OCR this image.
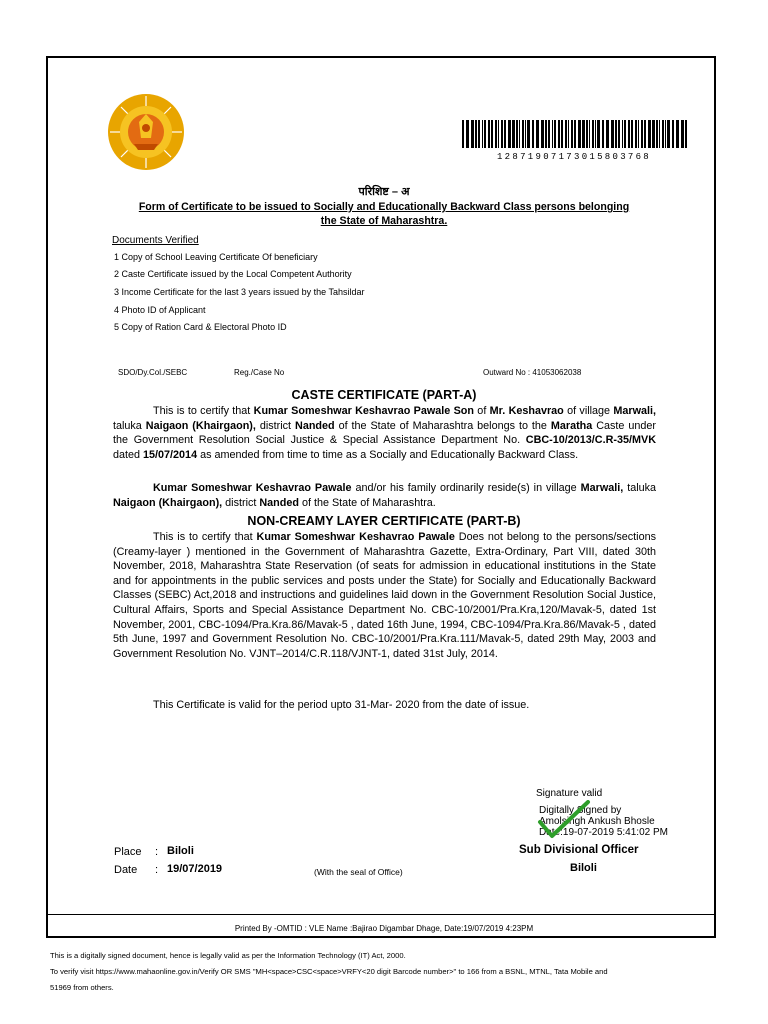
12871907173015803768
परिशिष्ट – अ
Form of Certificate to be issued to Socially and Educationally Backward Class persons belonging the State of Maharashtra.
Documents Verified
1 Copy of School Leaving Certificate Of beneficiary
2 Caste Certificate issued by the Local Competent Authority
3 Income Certificate for the last 3 years issued by the Tahsildar
4 Photo ID of Applicant
5 Copy of Ration Card & Electoral Photo ID
SDO/Dy.Col./SEBC	Reg./Case No	Outward No : 41053062038
CASTE CERTIFICATE (PART-A)
This is to certify that Kumar Someshwar Keshavrao Pawale Son of Mr. Keshavrao of village Marwali, taluka Naigaon (Khairgaon), district Nanded of the State of Maharashtra belongs to the Maratha Caste under the Government Resolution Social Justice & Special Assistance Department No. CBC-10/2013/C.R-35/MVK dated 15/07/2014 as amended from time to time as a Socially and Educationally Backward Class.
Kumar Someshwar Keshavrao Pawale and/or his family ordinarily reside(s) in village Marwali, taluka Naigaon (Khairgaon), district Nanded of the State of Maharashtra.
NON-CREAMY LAYER CERTIFICATE (PART-B)
This is to certify that Kumar Someshwar Keshavrao Pawale Does not belong to the persons/sections (Creamy-layer ) mentioned in the Government of Maharashtra Gazette, Extra-Ordinary, Part VIII, dated 30th November, 2018, Maharashtra State Reservation (of seats for admission in educational institutions in the State and for appointments in the public services and posts under the State) for Socially and Educationally Backward Classes (SEBC) Act,2018 and instructions and guidelines laid down in the Government Resolution Social Justice, Cultural Affairs, Sports and Special Assistance Department No. CBC-10/2001/Pra.Kra,120/Mavak-5, dated 1st November, 2001, CBC-1094/Pra.Kra.86/Mavak-5 , dated 16th June, 1994, CBC-1094/Pra.Kra.86/Mavak-5 , dated 5th June, 1997 and Government Resolution No. CBC-10/2001/Pra.Kra.111/Mavak-5, dated 29th May, 2003 and Government Resolution No. VJNT–2014/C.R.118/VJNT-1, dated 31st July, 2014.
This Certificate is valid for the period upto 31-Mar- 2020 from the date of issue.
Signature valid
Digitally Signed by
Amolsingh Ankush Bhosle
Date:19-07-2019 5:41:02 PM
Sub Divisional Officer
Biloli
Place : Biloli
Date : 19/07/2019	(With the seal of Office)
Printed By -OMTID : VLE Name :Bajirao Digambar Dhage, Date:19/07/2019 4:23PM
This is a digitally signed document, hence is legally valid as per the Information Technology (IT) Act, 2000.
To verify visit https://www.mahaonline.gov.in/Verify OR SMS "MH<space>CSC<space>VRFY<20 digit Barcode number>" to 166 from a BSNL, MTNL, Tata Mobile and
51969 from others.
